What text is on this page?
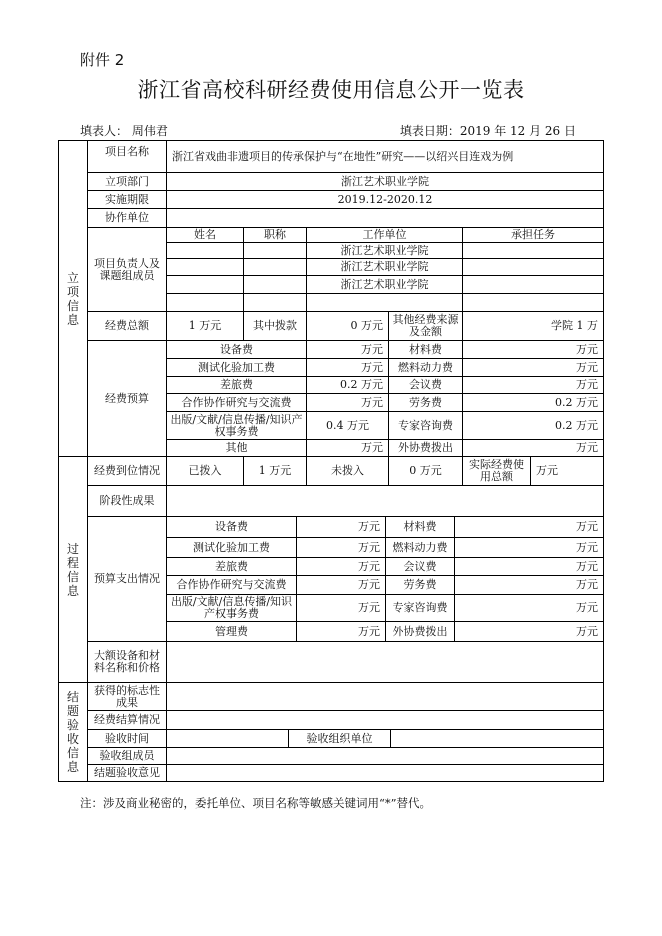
附件 2
浙江省高校科研经费使用信息公开一览表
填表人： 周伟君	填表日期：2019 年 12 月 26 日
立项信息	项目名称	浙江省戏曲非遗项目的传承保护与“在地性”研究——以绍兴目连戏为例										
	立项部门	浙江艺术职业学院										
	实施期限	2019.12-2020.12										
	协作单位											
	项目负责人及课题组成员	姓名	职称			工作单位					承担任务	
						浙江艺术职业学院						
						浙江艺术职业学院						
						浙江艺术职业学院						

	经费总额	1 万元	其中拨款			0 万元		其他经费来源及金额			学院 1 万	
	经费预算	设备费				万元		材料费			万元	
		测试化验加工费				万元		燃料动力费			万元	
		差旅费				0.2 万元		会议费			万元	
		合作协作研究与交流费				万元		劳务费			0.2 万元	
		出版/文献/信息传播/知识产权事务费				0.4 万元		专家咨询费			0.2 万元	
		其他				万元		外协费拨出			万元	
过程信息	经费到位情况	已拨入	1 万元			未拨入		0 万元			实际经费使用总额	万元
	阶段性成果											
	预算支出情况	设备费			万元		材料费			万元		
		测试化验加工费			万元		燃料动力费			万元		
		差旅费			万元		会议费			万元		
		合作协作研究与交流费			万元		劳务费			万元		
		出版/文献/信息传播/知识产权事务费			万元		专家咨询费			万元		
		管理费			万元		外协费拨出			万元		
	大额设备和材料名称和价格											
结题验收信息	获得的标志性成果											
	经费结算情况											
	验收时间			验收组织单位								
	验收组成员											
	结题验收意见											
注：涉及商业秘密的，委托单位、项目名称等敏感关键词用“*”替代。
